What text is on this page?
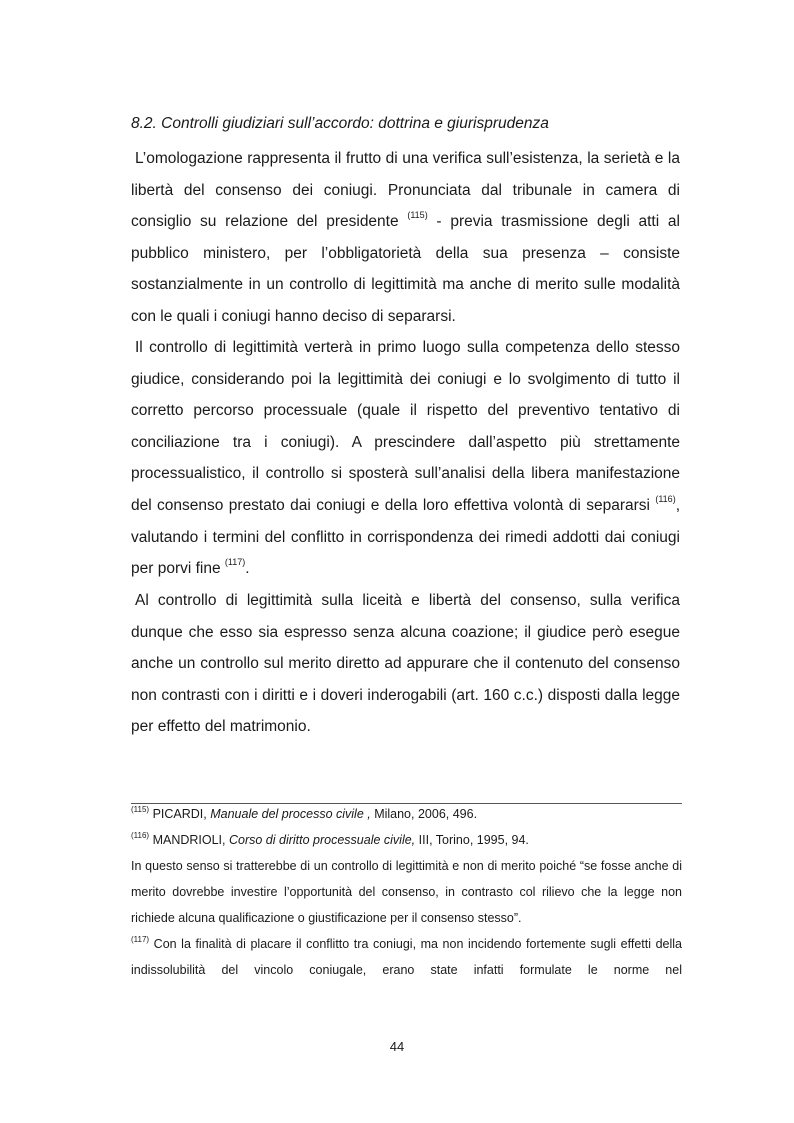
8.2. Controlli giudiziari sull’accordo: dottrina e giurisprudenza

L’omologazione rappresenta il frutto di una verifica sull’esistenza, la serietà e la libertà del consenso dei coniugi. Pronunciata dal tribunale in camera di consiglio su relazione del presidente $^{(115)}$ - previa trasmissione degli atti al pubblico ministero, per l’obbligatorietà della sua presenza – consiste sostanzialmente in un controllo di legittimità ma anche di merito sulle modalità con le quali i coniugi hanno deciso di separarsi.

Il controllo di legittimità verterà in primo luogo sulla competenza dello stesso giudice, considerando poi la legittimità dei coniugi e lo svolgimento di tutto il corretto percorso processuale (quale il rispetto del preventivo tentativo di conciliazione tra i coniugi). A prescindere dall’aspetto più strettamente processualistico, il controllo si sposterà sull’analisi della libera manifestazione del consenso prestato dai coniugi e della loro effettiva volontà di separarsi $^{(116)}$, valutando i termini del conflitto in corrispondenza dei rimedi addotti dai coniugi per porvi fine $^{(117)}$.

Al controllo di legittimità sulla liceità e libertà del consenso, sulla verifica dunque che esso sia espresso senza alcuna coazione; il giudice però esegue anche un controllo sul merito diretto ad appurare che il contenuto del consenso non contrasti con i diritti e i doveri inderogabili (art. 160 c.c.) disposti dalla legge per effetto del matrimonio.

$^{(115)}$ PICARDI, Manuale del processo civile , Milano, 2006, 496.

$^{(116)}$ MANDRIOLI, Corso di diritto processuale civile, III, Torino, 1995, 94.

In questo senso si tratterebbe di un controllo di legittimità e non di merito poiché “se fosse anche di merito dovrebbe investire l’opportunità del consenso, in contrasto col rilievo che la legge non richiede alcuna qualificazione o giustificazione per il consenso stesso”.

$^{(117)}$ Con la finalità di placare il conflitto tra coniugi, ma non incidendo fortemente sugli effetti della indissolubilità del vincolo coniugale, erano state infatti formulate le norme nel

44
